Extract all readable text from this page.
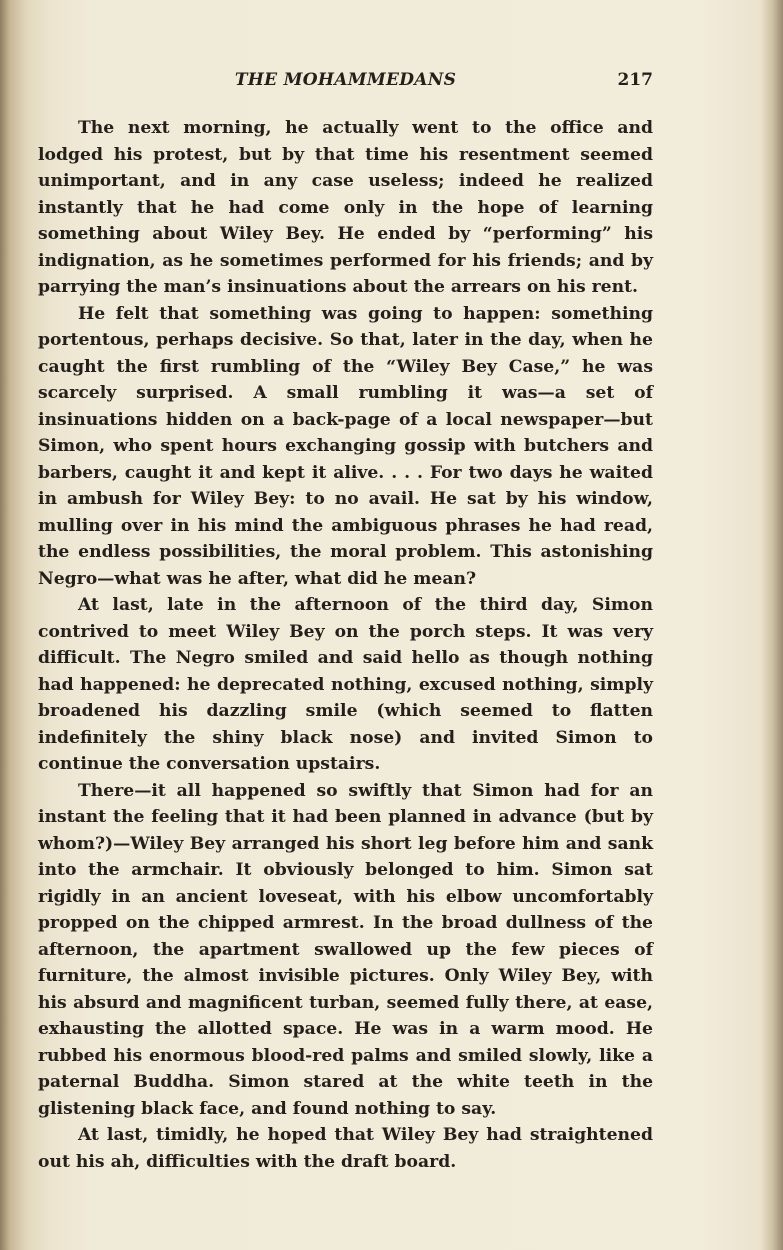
THE MOHAMMEDANS	217

The next morning, he actually went to the office and lodged his protest, but by that time his resentment seemed unimportant, and in any case useless; indeed he realized instantly that he had come only in the hope of learning something about Wiley Bey. He ended by “performing” his indignation, as he sometimes performed for his friends; and by parrying the man’s insinuations about the arrears on his rent.

He felt that something was going to happen: something portentous, perhaps decisive. So that, later in the day, when he caught the first rumbling of the “Wiley Bey Case,” he was scarcely surprised. A small rumbling it was—a set of insinuations hidden on a back-page of a local newspaper—but Simon, who spent hours exchanging gossip with butchers and barbers, caught it and kept it alive. . . . For two days he waited in ambush for Wiley Bey: to no avail. He sat by his window, mulling over in his mind the ambiguous phrases he had read, the endless possibilities, the moral problem. This astonishing Negro—what was he after, what did he mean?

At last, late in the afternoon of the third day, Simon contrived to meet Wiley Bey on the porch steps. It was very difficult. The Negro smiled and said hello as though nothing had happened: he deprecated nothing, excused nothing, simply broadened his dazzling smile (which seemed to flatten indefinitely the shiny black nose) and invited Simon to continue the conversation upstairs.

There—it all happened so swiftly that Simon had for an instant the feeling that it had been planned in advance (but by whom?)—Wiley Bey arranged his short leg before him and sank into the armchair. It obviously belonged to him. Simon sat rigidly in an ancient loveseat, with his elbow uncomfortably propped on the chipped armrest. In the broad dullness of the afternoon, the apartment swallowed up the few pieces of furniture, the almost invisible pictures. Only Wiley Bey, with his absurd and magnificent turban, seemed fully there, at ease, exhausting the allotted space. He was in a warm mood. He rubbed his enormous blood-red palms and smiled slowly, like a paternal Buddha. Simon stared at the white teeth in the glistening black face, and found nothing to say.

At last, timidly, he hoped that Wiley Bey had straightened out his ah, difficulties with the draft board.
